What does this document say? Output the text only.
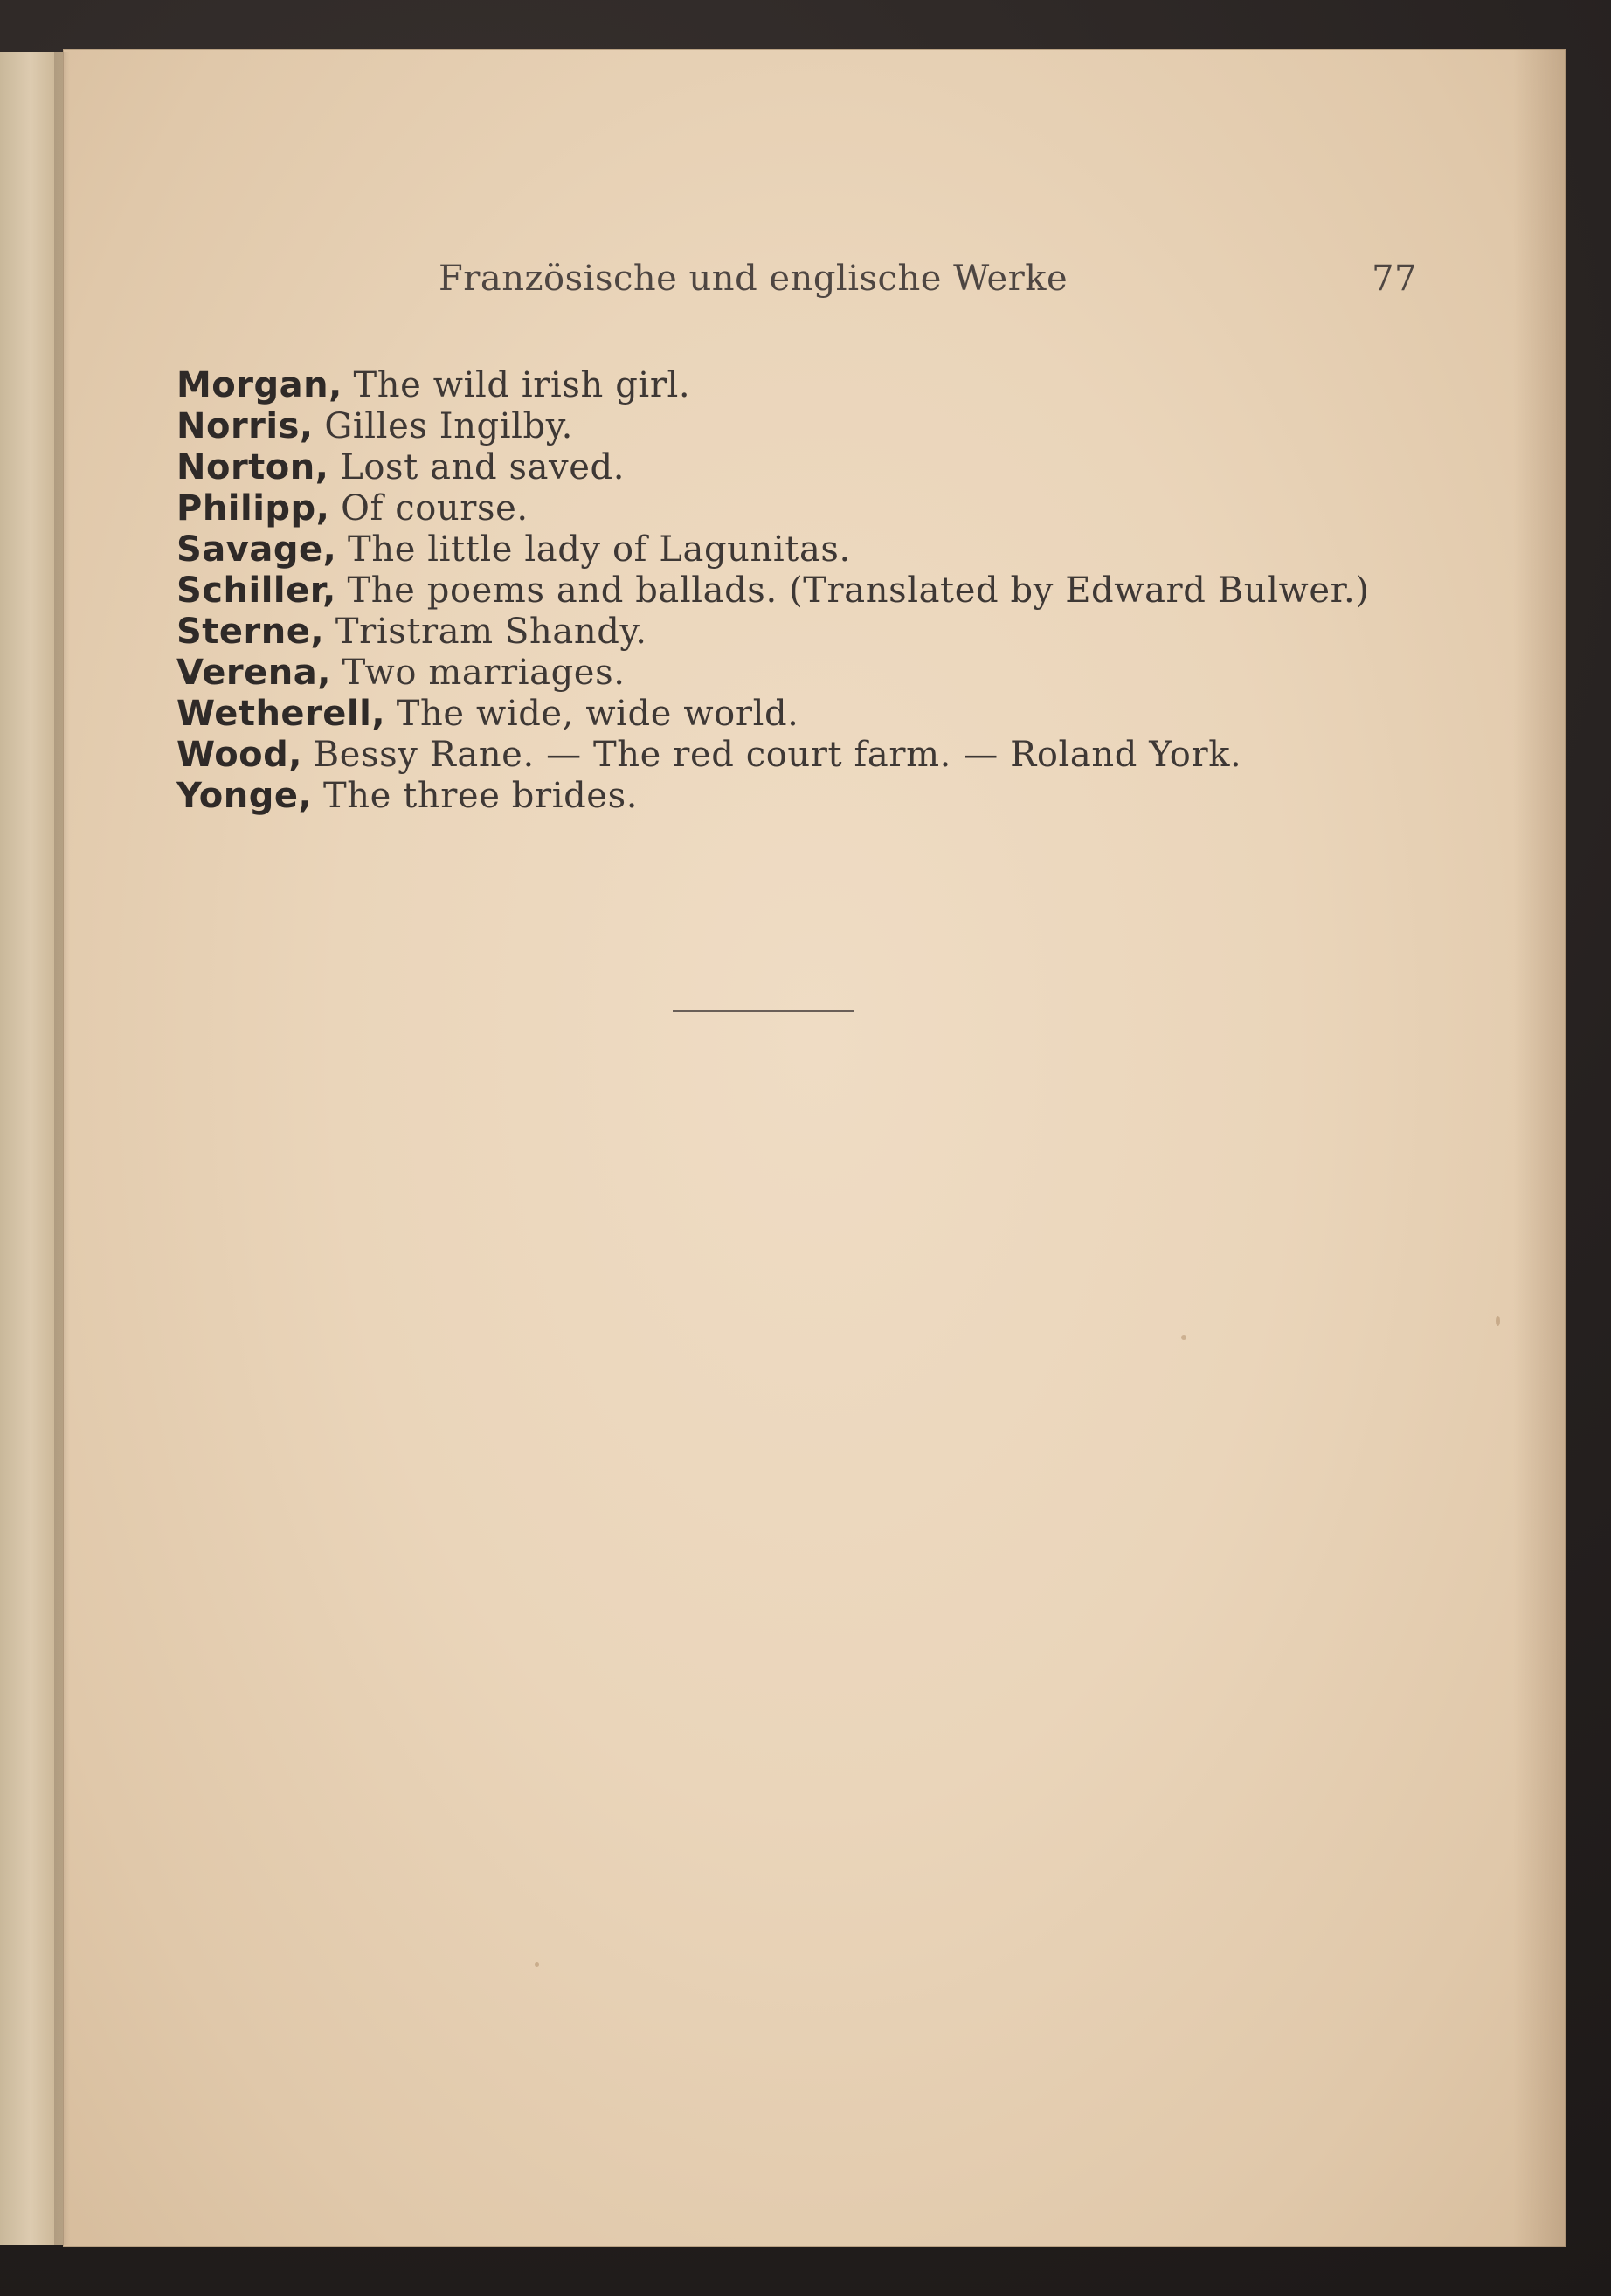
Französische und englische Werke	77
Morgan, The wild irish girl.
Norris, Gilles Ingilby.
Norton, Lost and saved.
Philipp, Of course.
Savage, The little lady of Lagunitas.
Schiller, The poems and ballads. (Translated by Edward Bulwer.)
Sterne, Tristram Shandy.
Verena, Two marriages.
Wetherell, The wide, wide world.
Wood, Bessy Rane. — The red court farm. — Roland York.
Yonge, The three brides.
